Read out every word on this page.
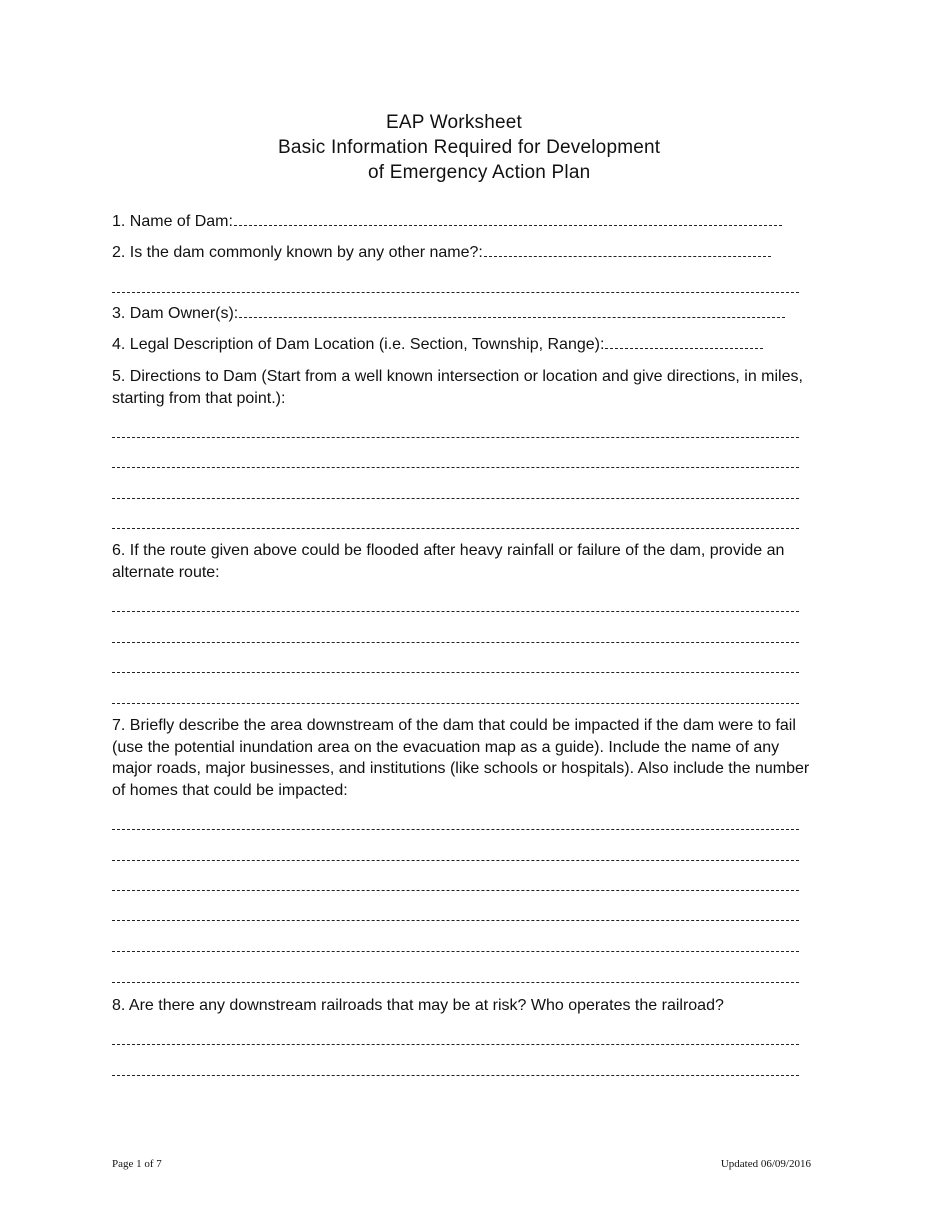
EAP Worksheet
Basic Information Required for Development
of Emergency Action Plan
1. Name of Dam:
2. Is the dam commonly known by any other name?:
3. Dam Owner(s):
4. Legal Description of Dam Location (i.e. Section, Township, Range):
5. Directions to Dam (Start from a well known intersection or location and give directions, in miles, starting from that point.):
6. If the route given above could be flooded after heavy rainfall or failure of the dam, provide an alternate route:
7. Briefly describe the area downstream of the dam that could be impacted if the dam were to fail (use the potential inundation area on the evacuation map as a guide). Include the name of any major roads, major businesses, and institutions (like schools or hospitals). Also include the number of homes that could be impacted:
8. Are there any downstream railroads that may be at risk? Who operates the railroad?
Page 1 of 7	Updated 06/09/2016
